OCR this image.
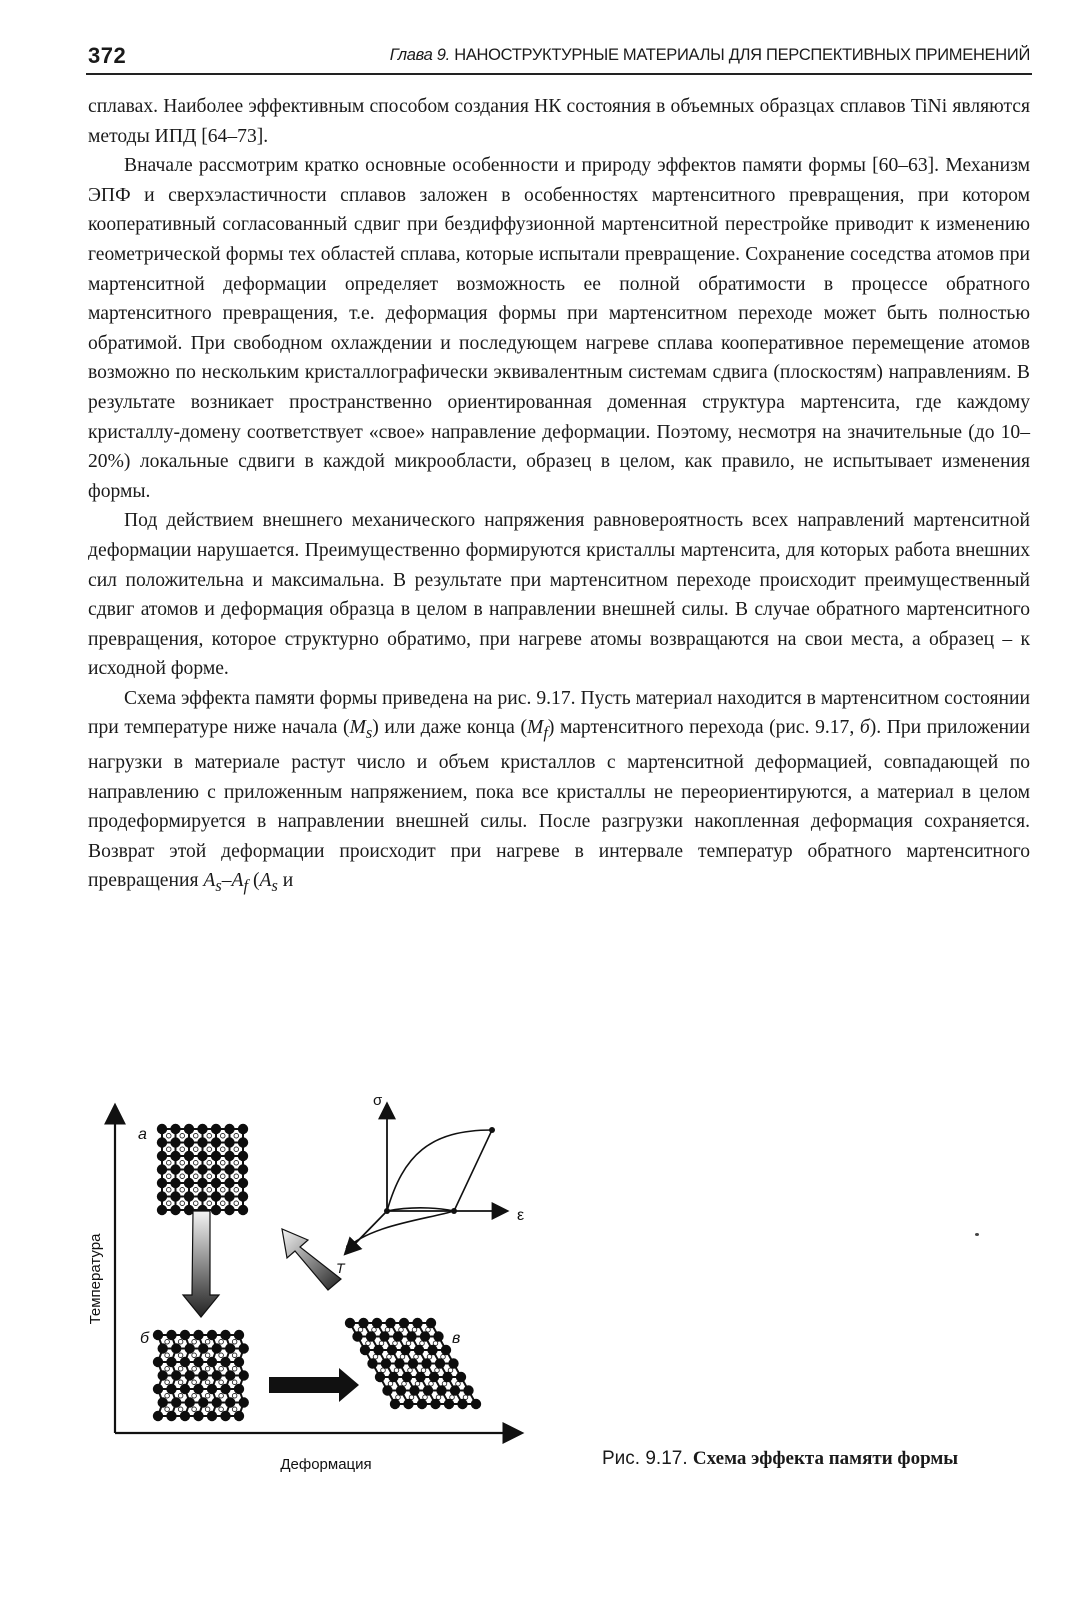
372	Глава 9. НАНОСТРУКТУРНЫЕ МАТЕРИАЛЫ ДЛЯ ПЕРСПЕКТИВНЫХ ПРИМЕНЕНИЙ

сплавах. Наиболее эффективным способом создания НК состояния в объемных образцах сплавов TiNi являются методы ИПД [64–73].

Вначале рассмотрим кратко основные особенности и природу эффектов памяти формы [60–63]. Механизм ЭПФ и сверхэластичности сплавов заложен в особенностях мартенситного превращения, при котором кооперативный согласованный сдвиг при бездиффузионной мартенситной перестройке приводит к изменению геометрической формы тех областей сплава, которые испытали превращение. Сохранение соседства атомов при мартенситной деформации определяет возможность ее полной обратимости в процессе обратного мартенситного превращения, т.е. деформация формы при мартенситном переходе может быть полностью обратимой. При свободном охлаждении и последующем нагреве сплава кооперативное перемещение атомов возможно по нескольким кристаллографически эквивалентным системам сдвига (плоскостям) направлениям. В результате возникает пространственно ориентированная доменная структура мартенсита, где каждому кристаллу-домену соответствует «свое» направление деформации. Поэтому, несмотря на значительные (до 10–20%) локальные сдвиги в каждой микрообласти, образец в целом, как правило, не испытывает изменения формы.

Под действием внешнего механического напряжения равновероятность всех направлений мартенситной деформации нарушается. Преимущественно формируются кристаллы мартенсита, для которых работа внешних сил положительна и максимальна. В результате при мартенситном переходе происходит преимущественный сдвиг атомов и деформация образца в целом в направлении внешней силы. В случае обратного мартенситного превращения, которое структурно обратимо, при нагреве атомы возвращаются на свои места, а образец – к исходной форме.

Схема эффекта памяти формы приведена на рис. 9.17. Пусть материал находится в мартенситном состоянии при температуре ниже начала $(M_s)$ или даже конца $(M_f)$ мартенситного перехода (рис. 9.17, б). При приложении нагрузки в материале растут число и объем кристаллов с мартенситной деформацией, совпадающей по направлению с приложенным напряжением, пока все кристаллы не переориентируются, а материал в целом продеформируется в направлении внешней силы. После разгрузки накопленная деформация сохраняется. Возврат этой деформации происходит при нагреве в интервале температур обратного мартенситного превращения $A_s-A_f$ ($A_s$ и

Температура
Деформация
а
б	в
σ
ε
T
Рис. 9.17. Схема эффекта памяти формы
